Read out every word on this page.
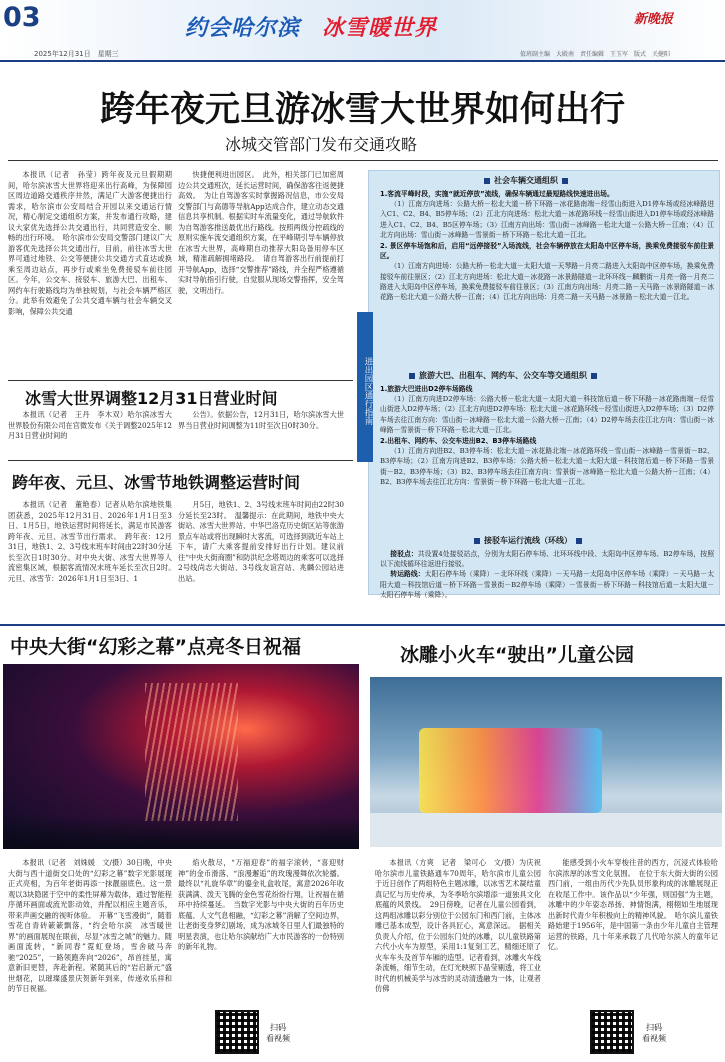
03	约会哈尔滨 冰雪暖世界	新晚报
2025年12月31日　星期三	值班副主编　大殿南　责任编辑　王玉军　版式　关健阳
跨年夜元旦游冰雪大世界如何出行
冰城交管部门发布交通攻略

本报讯（记者　孙莹）跨年夜及元旦假期期间，哈尔滨冰雪大世界将迎来出行高峰，为保障园区周边道路交通秩序井然，满足广大游客便捷出行需求，哈尔滨市公安局结合开园以来交通运行情况，精心制定交通组织方案，并发布通行攻略，建议大家优先选择公共交通出行，共同营造安全、顺畅的出行环境。　哈尔滨市公安局交警部门建议广大游客优先选择公共交通出行，目前，前往冰雪大世界可通过地铁、公交等便捷公共交通方式直达或换乘至周边站点，再步行或乘坐免费接驳车前往园区。今年，公交车、接驳车、旅游大巴、出租车、网约车行驶路线均为单独规划，与社会车辆严格区分。此举有效避免了公共交通车辆与社会车辆交叉影响，保障公共交通

快捷便利进出园区。　此外，相关部门已加密周边公共交通班次，延长运营时间，确保游客往返便捷高效。　为让自驾游客实时掌握路况信息，市公安局交警部门与高德等导航App达成合作，建立动态交通信息共享机制。根据实时车流量变化，通过导航软件为自驾游客推送最优出行路线。按照两级分控疏线的原则实施车流交通组织方案，在平峰期引导车辆停放在冰雪大世界，高峰期自动推荐大阳岛备用停车区域，精准疏解拥堵路段。　请自驾游客出行前提前打开导航App，选择“交警推荐”路线，并全程严格遵循实时导航指引行驶，自觉服从现场交警指挥，安全驾驶，文明出行。

进出园区通行指南
社会车辆交通组织
1.客流平峰时段，实施“就近停放”流线，确保车辆通过最短路线快速进出场。
（1）江南方向进场：公路大桥－松北大道－桥下环路－冰花路南端－经雪山街进入D1停车场或经冰峰路进入C1、C2、B4、B5停车场；（2）江北方向进场：松北大道－冰花路环线－经雪山街进入D1停车场或经冰峰路进入C1、C2、B4、B5区停车场；（3）江南方向出场：雪山街－冰峰路－松北大道－公路大桥－江南；（4）江北方向出场：雪山街－冰峰路－雪景街－桥下环路－松北大道－江北。
2. 景区停车场饱和后，启用“远停接驳”入场流线，社会车辆停放在太阳岛中区停车场，换乘免费接驳车前往景区。
（1）江南方向进场：公路大桥－松北大道－太阳大道－天琴路－月亮二路进入太阳岛中区停车场，换乘免费接驳车前往景区；（2）江北方向进场：松北大道－冰花路－冰景路隧道－北环环线－麟鹏街－月亮一路－月亮二路进入太阳岛中区停车场，换乘免费接驳车前往景区；（3）江南方向出场：月亮二路－天马路－冰景路隧道－冰花路－松北大道－公路大桥－江南；（4）江北方向出场：月亮二路－天马路－冰景路－松北大道－江北。
旅游大巴、出租车、网约车、公交车等交通组织
1.旅游大巴进出D2停车场路线
（1）江南方向进D2停车场：公路大桥－松北大道－太阳大道－科技馆后道－桥下环路－冰花路南端－经雪山街进入D2停车场；（2）江北方向进D2停车场：松北大道－冰花路环线－经雪山街进入D2停车场；（3）D2停车场去往江南方向：雪山街－冰峰路－松北大道－公路大桥－江南；（4）D2停车场去往江北方向：雪山街－冰峰路－雪景街－桥下环路－松北大道－江北。
2.出租车、网约车、公交车进出B2、B3停车场路线
（1）江南方向进B2、B3停车场：松北大道－冰花路北端－冰花路环线－雪山街－冰峰路－雪景街－B2、B3停车场；（2）江南方向进B2、B3停车场：公路大桥－松北大道－太阳大道－科技馆后道－桥下环路－雪景街－B2、B3停车场；（3）B2、B3停车场去往江南方向：雪景街－冰峰路－松北大道－公路大桥－江南；（4）B2、B3停车场去往江北方向：雪景街－桥下环路－松北大道－江北。
接驳车运行流线（环线）
接驳点：共设置4处接驳站点，分别为太阳石停车场、北环环线中段、太阳岛中区停车场、B2停车场，按照以下流线循环往返进行接驳。
转运路线：太阳石停车场（乘降）－北环环线（乘降）－天马路－太阳岛中区停车场（乘降）－天马路－太阳大道－科技馆后道－桥下环路－雪景街－B2停车场（乘降）－雪景街－桥下环路－科技馆后道－太阳大道－太阳石停车场（乘降）。
冰雪大世界调整12月31日营业时间

本报讯（记者　王丹　李木双）哈尔滨冰雪大世界股份有限公司在官微发布《关于调整2025年12月31日营业时间的

公告》。依据公告，12月31日，哈尔滨冰雪大世界当日营业时间调整为11时至次日0时30分。

跨年夜、元旦、冰雪节地铁调整运营时间

本报讯（记者　董艳春）记者从哈尔滨地铁集团获悉，2025年12月31日、2026年1月1日至3日、1月5日，地铁运营时间将延长，满足市民游客跨年夜、元旦、冰雪节出行需求。　跨年夜：12月31日，地铁1、2、3号线末班车时间由22时30分延长至次日1时30分。对中央大街、冰雪大世界等人流密集区域，根据客流情况末班车延长至次日2时。　元旦、冰雪节：2026年1月1日至3日、1

月5日，地铁1、2、3号线末班车时间由22时30分延长至23时。　温馨提示：在此期间，地铁中央大街站、冰雪大世界站、中华巴洛克历史街区站等旅游景点车站或将出现瞬时大客流，可选择到就近车站上下车，请广大乘客提前安排好出行计划。建议前往“中央大街商圈”和防洪纪念塔周边的乘客可以选择2号线尚志大街站、3号线友谊宫站、兆麟公园站进出站。

中央大街“幻彩之幕”点亮冬日祝福

本报讯（记者　刘姝媛　文/摄）30日晚，中央大街与西十道街交口处的“幻彩之幕”数字光影展现正式亮相，为百年老街再添一抹靓丽底色。这一景观以3块隐匿于空中的柔性屏幕为载体，通过智能程序循环画面或流光影动效，并配以相应主题音乐，带来声画交融的视听体验。　开幕“飞雪漫街”，随着雪花自青砖簌簌飘落，“约会哈尔滨　冰雪暖世界”的画面展现在眼前，尽显“冰雪之城”的魅力。随画面流转，“新同春”霓虹登场，雪舍破马奔驰“2025”，一路领跑奔向“2026”，昂首挂星，寓意新旧更替，奔赴新程。紧随其后的“岩启新元”盛世烟花，以璀璨盛景庆贺新年到来，传递欢乐祥和的节日祝福。

焰火散尽，“万福迎春”的福字滚转，“喜迎财神”的金币滑落、“浪漫邂逅”的玫瑰漫舞依次轮播。最终以“礼旋华章”的鎏金礼盒收尾，寓意2026年收获满满、泼天飞腾的金色雪花纷纷行翔，让祝福在循环中持续蔓延。　当数字光影与中央大街的百年历史底蕴、人文气息相融，“幻彩之幕”消解了空间边界，让老街变身梦幻剧场，成为冰城冬日里人们最独特的明星表演，也让哈尔滨献给广大市民游客的一份特别的新年礼物。

扫码
看视频
冰雕小火车“驶出”儿童公园

本报讯（方爽　记者　梁可心　文/摄）为庆祝哈尔滨市儿童铁路通车70周年，哈尔滨市儿童公园于近日创作了两组特色主题冰雕，以冰雪艺术凝结童真记忆与历史传承，为冬季哈尔滨增添一道独具文化底蕴的风景线。　29日傍晚，记者在儿童公园看到，这两组冰雕以彩分别位于公园东门和西门前，主体冰雕已基本成型，设计各具匠心，寓意深远。　据相关负责人介绍，位于公园东门处的冰雕，以儿童铁路第六代小火车为原型，采用1:1复刻工艺，精细还原了火车车头及首节车厢的造型。记者看到，冰雕火车线条流畅，细节生动，在灯光映照下晶莹剔透，将工业时代的机械美学与冰雪的灵动清透融为一体，让观者仿佛

能感受到小火车穿梭往昔的西方，沉浸式体验哈尔滨浓厚的冰雪文化氛围。　在位于东大街大街的公园西门前，一组由历代少先队员形象构成的冰雕展现正在收尾工作中。该作品以“少年强，则国强”为主题，冰雕中的少年姿态昂扬、神情饱满，栩栩如生地展现出新时代青少年积极向上的精神风貌。　哈尔滨儿童铁路始建于1956年，是中国第一条由少年儿童自主管理运营的铁路，几十年来承载了几代哈尔滨人的童年记忆。

扫码
看视频
